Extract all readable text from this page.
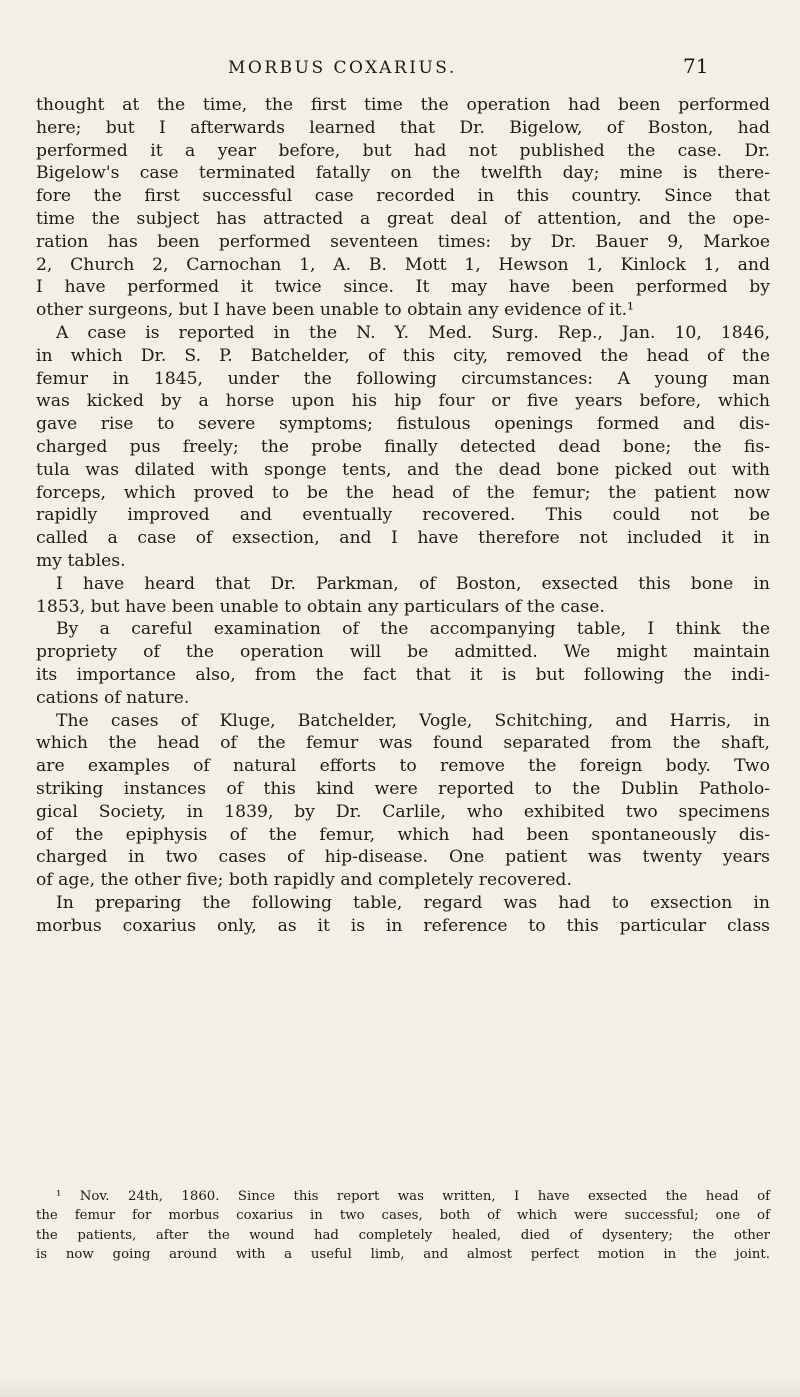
MORBUS COXARIUS.	71
thought at the time, the first time the operation had been performed
here; but I afterwards learned that Dr. Bigelow, of Boston, had
performed it a year before, but had not published the case. Dr.
Bigelow's case terminated fatally on the twelfth day; mine is there-
fore the first successful case recorded in this country. Since that
time the subject has attracted a great deal of attention, and the ope-
ration has been performed seventeen times: by Dr. Bauer 9, Markoe
2, Church 2, Carnochan 1, A. B. Mott 1, Hewson 1, Kinlock 1, and
I have performed it twice since. It may have been performed by
other surgeons, but I have been unable to obtain any evidence of it.¹
A case is reported in the N. Y. Med. Surg. Rep., Jan. 10, 1846,
in which Dr. S. P. Batchelder, of this city, removed the head of the
femur in 1845, under the following circumstances: A young man
was kicked by a horse upon his hip four or five years before, which
gave rise to severe symptoms; fistulous openings formed and dis-
charged pus freely; the probe finally detected dead bone; the fis-
tula was dilated with sponge tents, and the dead bone picked out with
forceps, which proved to be the head of the femur; the patient now
rapidly improved and eventually recovered. This could not be
called a case of exsection, and I have therefore not included it in
my tables.
I have heard that Dr. Parkman, of Boston, exsected this bone in
1853, but have been unable to obtain any particulars of the case.
By a careful examination of the accompanying table, I think the
propriety of the operation will be admitted. We might maintain
its importance also, from the fact that it is but following the indi-
cations of nature.
The cases of Kluge, Batchelder, Vogle, Schitching, and Harris, in
which the head of the femur was found separated from the shaft,
are examples of natural efforts to remove the foreign body. Two
striking instances of this kind were reported to the Dublin Patholo-
gical Society, in 1839, by Dr. Carlile, who exhibited two specimens
of the epiphysis of the femur, which had been spontaneously dis-
charged in two cases of hip-disease. One patient was twenty years
of age, the other five; both rapidly and completely recovered.
In preparing the following table, regard was had to exsection in
morbus coxarius only, as it is in reference to this particular class
¹ Nov. 24th, 1860. Since this report was written, I have exsected the head of
the femur for morbus coxarius in two cases, both of which were successful; one of
the patients, after the wound had completely healed, died of dysentery; the other
is now going around with a useful limb, and almost perfect motion in the joint.
